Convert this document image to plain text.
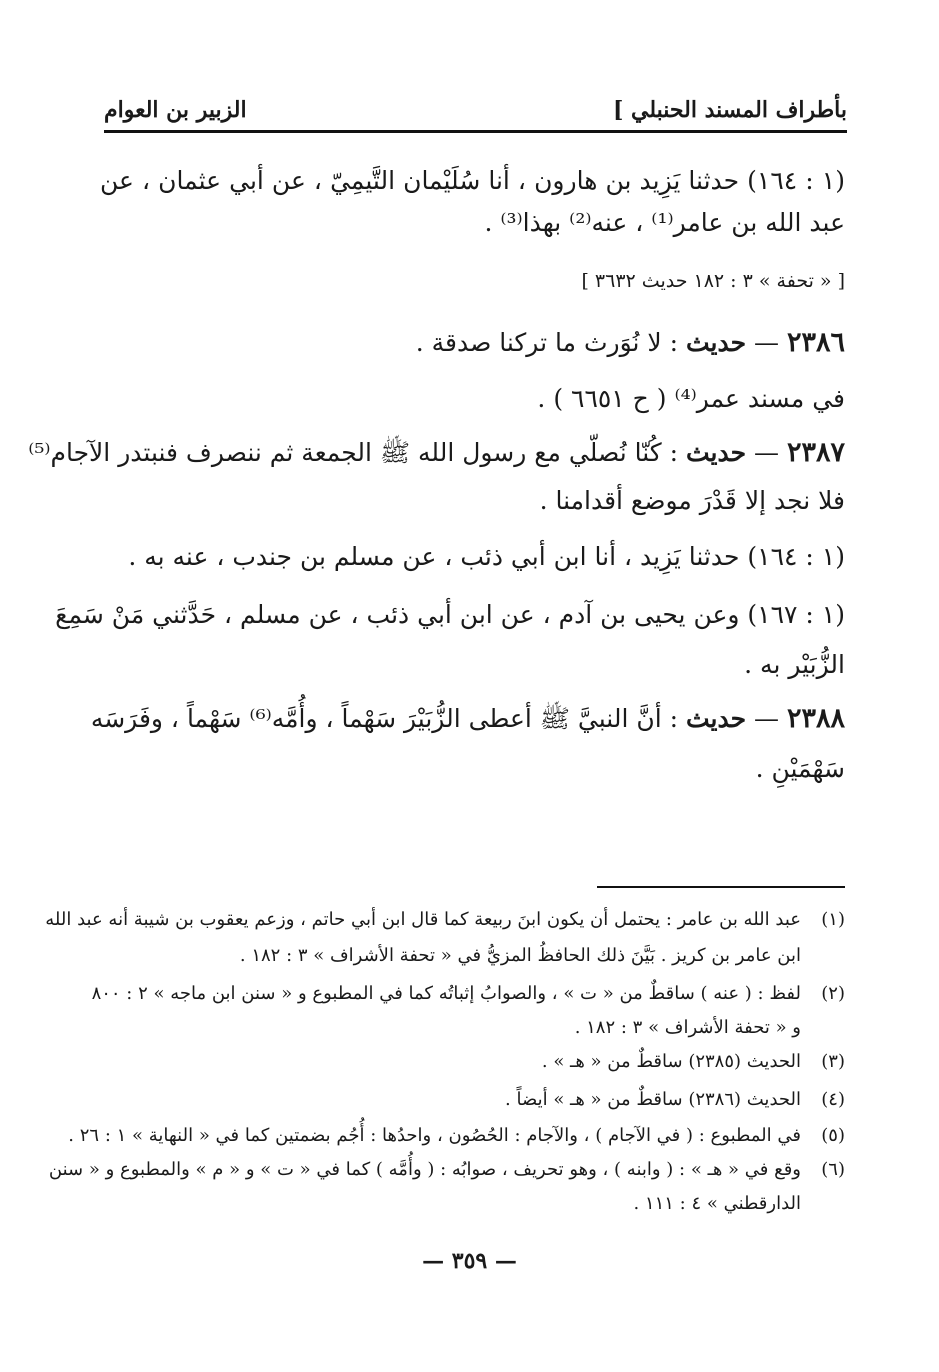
بأطراف المسند الحنبلي ]
الزبير بن العوام
(١ : ١٦٤) حدثنا يَزِيد بن هارون ، أنا سُلَيْمان التَّيمِيّ ، عن أبي عثمان ، عن
عبد الله بن عامر⁽¹⁾ ، عنه⁽²⁾ بهذا⁽³⁾ .
[ « تحفة » ٣ : ١٨٢ حديث ٣٦٣٢ ]
٢٣٨٦ — حديث : لا نُوَرث ما تركنا صدقة .
في مسند عمر⁽⁴⁾ ( ح ٦٦٥١ ) .
٢٣٨٧ — حديث : كُنّا نُصلّي مع رسول الله ﷺ الجمعة ثم ننصرف فنبتدر الآجام⁽⁵⁾
فلا نجد إلا قَدْرَ موضع أقدامنا .
(١ : ١٦٤) حدثنا يَزِيد ، أنا ابن أبي ذئب ، عن مسلم بن جندب ، عنه به .
(١ : ١٦٧) وعن يحيى بن آدم ، عن ابن أبي ذئب ، عن مسلم ، حَدَّثني مَنْ سَمِعَ
الزُّبَيْر به .
٢٣٨٨ — حديث : أنَّ النبيَّ ﷺ أعطى الزُّبَيْرَ سَهْماً ، وأُمَّه⁽⁶⁾ سَهْماً ، وفَرَسَه
سَهْمَيْنِ .
(١)عبد الله بن عامر : يحتمل أن يكون ابنَ ربيعة كما قال ابن أبي حاتم ، وزعم يعقوب بن شيبة أنه عبد الله
ابن عامر بن كريز . بَيَّنَ ذلك الحافظُ المزيُّ في « تحفة الأشراف » ٣ : ١٨٢ .
(٢)لفظ : ( عنه ) ساقطٌ من « ت » ، والصوابُ إثباتُه كما في المطبوع و « سنن ابن ماجه » ٢ : ٨٠٠
و « تحفة الأشراف » ٣ : ١٨٢ .
(٣)الحديث (٢٣٨٥) ساقطٌ من « هـ » .
(٤)الحديث (٢٣٨٦) ساقطٌ من « هـ » أيضاً .
(٥)في المطبوع : ( في الآجام ) ، والآجام : الحُصُون ، واحدُها : أُجُم بضمتين كما في « النهاية » ١ : ٢٦ .
(٦)وقع في « هـ » : ( وابنه ) ، وهو تحريف ، صوابُه : ( وأُمَّه ) كما في « ت » و « م » والمطبوع و « سنن
الدارقطني » ٤ : ١١١ .
— ٣٥٩ —
